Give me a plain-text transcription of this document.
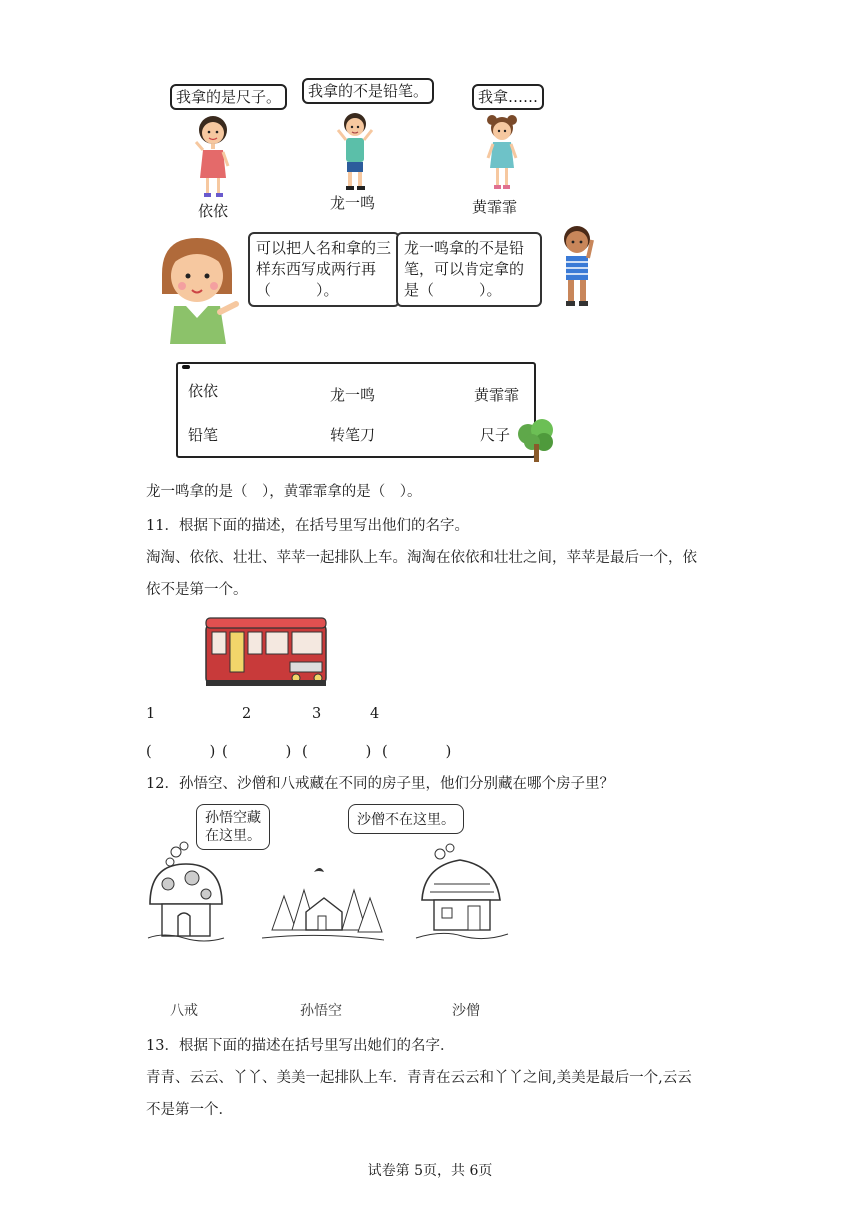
我拿的是尺子。	我拿的不是铅笔。	我拿……
依依	龙一鸣	黄霏霏
可以把人名和拿的三样东西写成两行再（　　　）。
龙一鸣拿的不是铅笔，可以肯定拿的是（　　　）。
依依	龙一鸣	黄霏霏
铅笔	转笔刀	尺子
龙一鸣拿的是（　），黄霏霏拿的是（　）。
11．根据下面的描述，在括号里写出他们的名字。
淘淘、依依、壮壮、苹苹一起排队上车。淘淘在依依和壮壮之间，苹苹是最后一个，依
依不是第一个。
1	2	3	4
(　　　　) (　　　　) (　　　　) (　　　　)
12．孙悟空、沙僧和八戒藏在不同的房子里，他们分别藏在哪个房子里？
孙悟空藏
在这里。
沙僧不在这里。
八戒	孙悟空	沙僧
13．根据下面的描述在括号里写出她们的名字．
青青、云云、丫丫、美美一起排队上车．青青在云云和丫丫之间,美美是最后一个,云云
不是第一个．
试卷第 5页，共 6页
